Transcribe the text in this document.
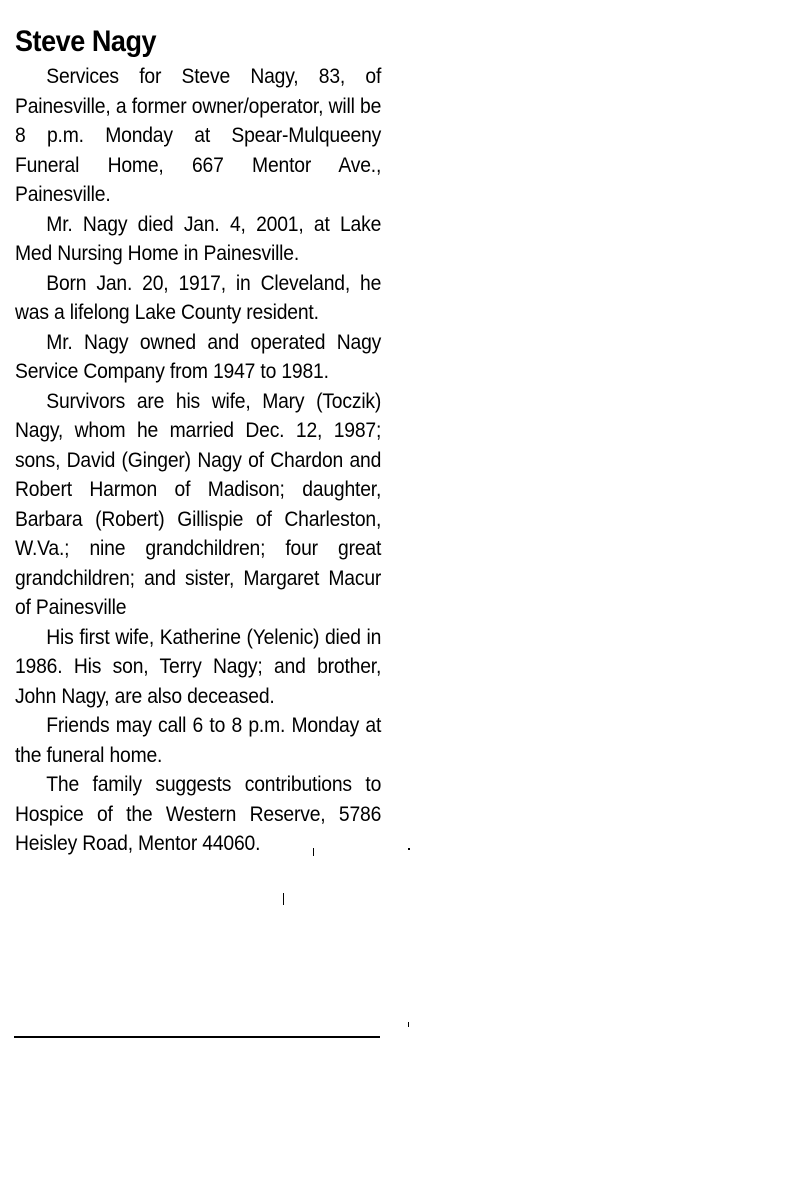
Steve Nagy

Services for Steve Nagy, 83, of Painesville, a former owner/operator, will be 8 p.m. Monday at Spear-Mulqueeny Funeral Home, 667 Mentor Ave., Painesville.

Mr. Nagy died Jan. 4, 2001, at Lake Med Nursing Home in Painesville.

Born Jan. 20, 1917, in Cleveland, he was a lifelong Lake County resident.

Mr. Nagy owned and operated Nagy Service Company from 1947 to 1981.

Survivors are his wife, Mary (Toczik) Nagy, whom he married Dec. 12, 1987; sons, David (Ginger) Nagy of Chardon and Robert Harmon of Madison; daughter, Barbara (Robert) Gillispie of Charleston, W.Va.; nine grandchildren; four great grandchildren; and sister, Margaret Macur of Painesville

His first wife, Katherine (Yelenic) died in 1986. His son, Terry Nagy; and brother, John Nagy, are also deceased.

Friends may call 6 to 8 p.m. Monday at the funeral home.

The family suggests contributions to Hospice of the Western Reserve, 5786 Heisley Road, Mentor 44060.
